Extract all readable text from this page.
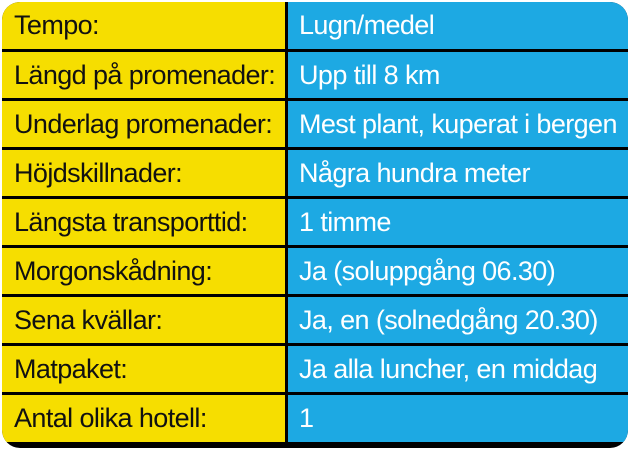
Tempo:	Lugn/medel
Längd på promenader: Upp till 8 km
Underlag promenader: Mest plant, kuperat i bergen
Höjdskillnader:	Några hundra meter
Längsta transporttid:	1 timme
Morgonskådning:	Ja (soluppgång 06.30)
Sena kvällar:	Ja, en (solnedgång 20.30)
Matpaket:	Ja alla luncher, en middag
Antal olika hotell:	1
